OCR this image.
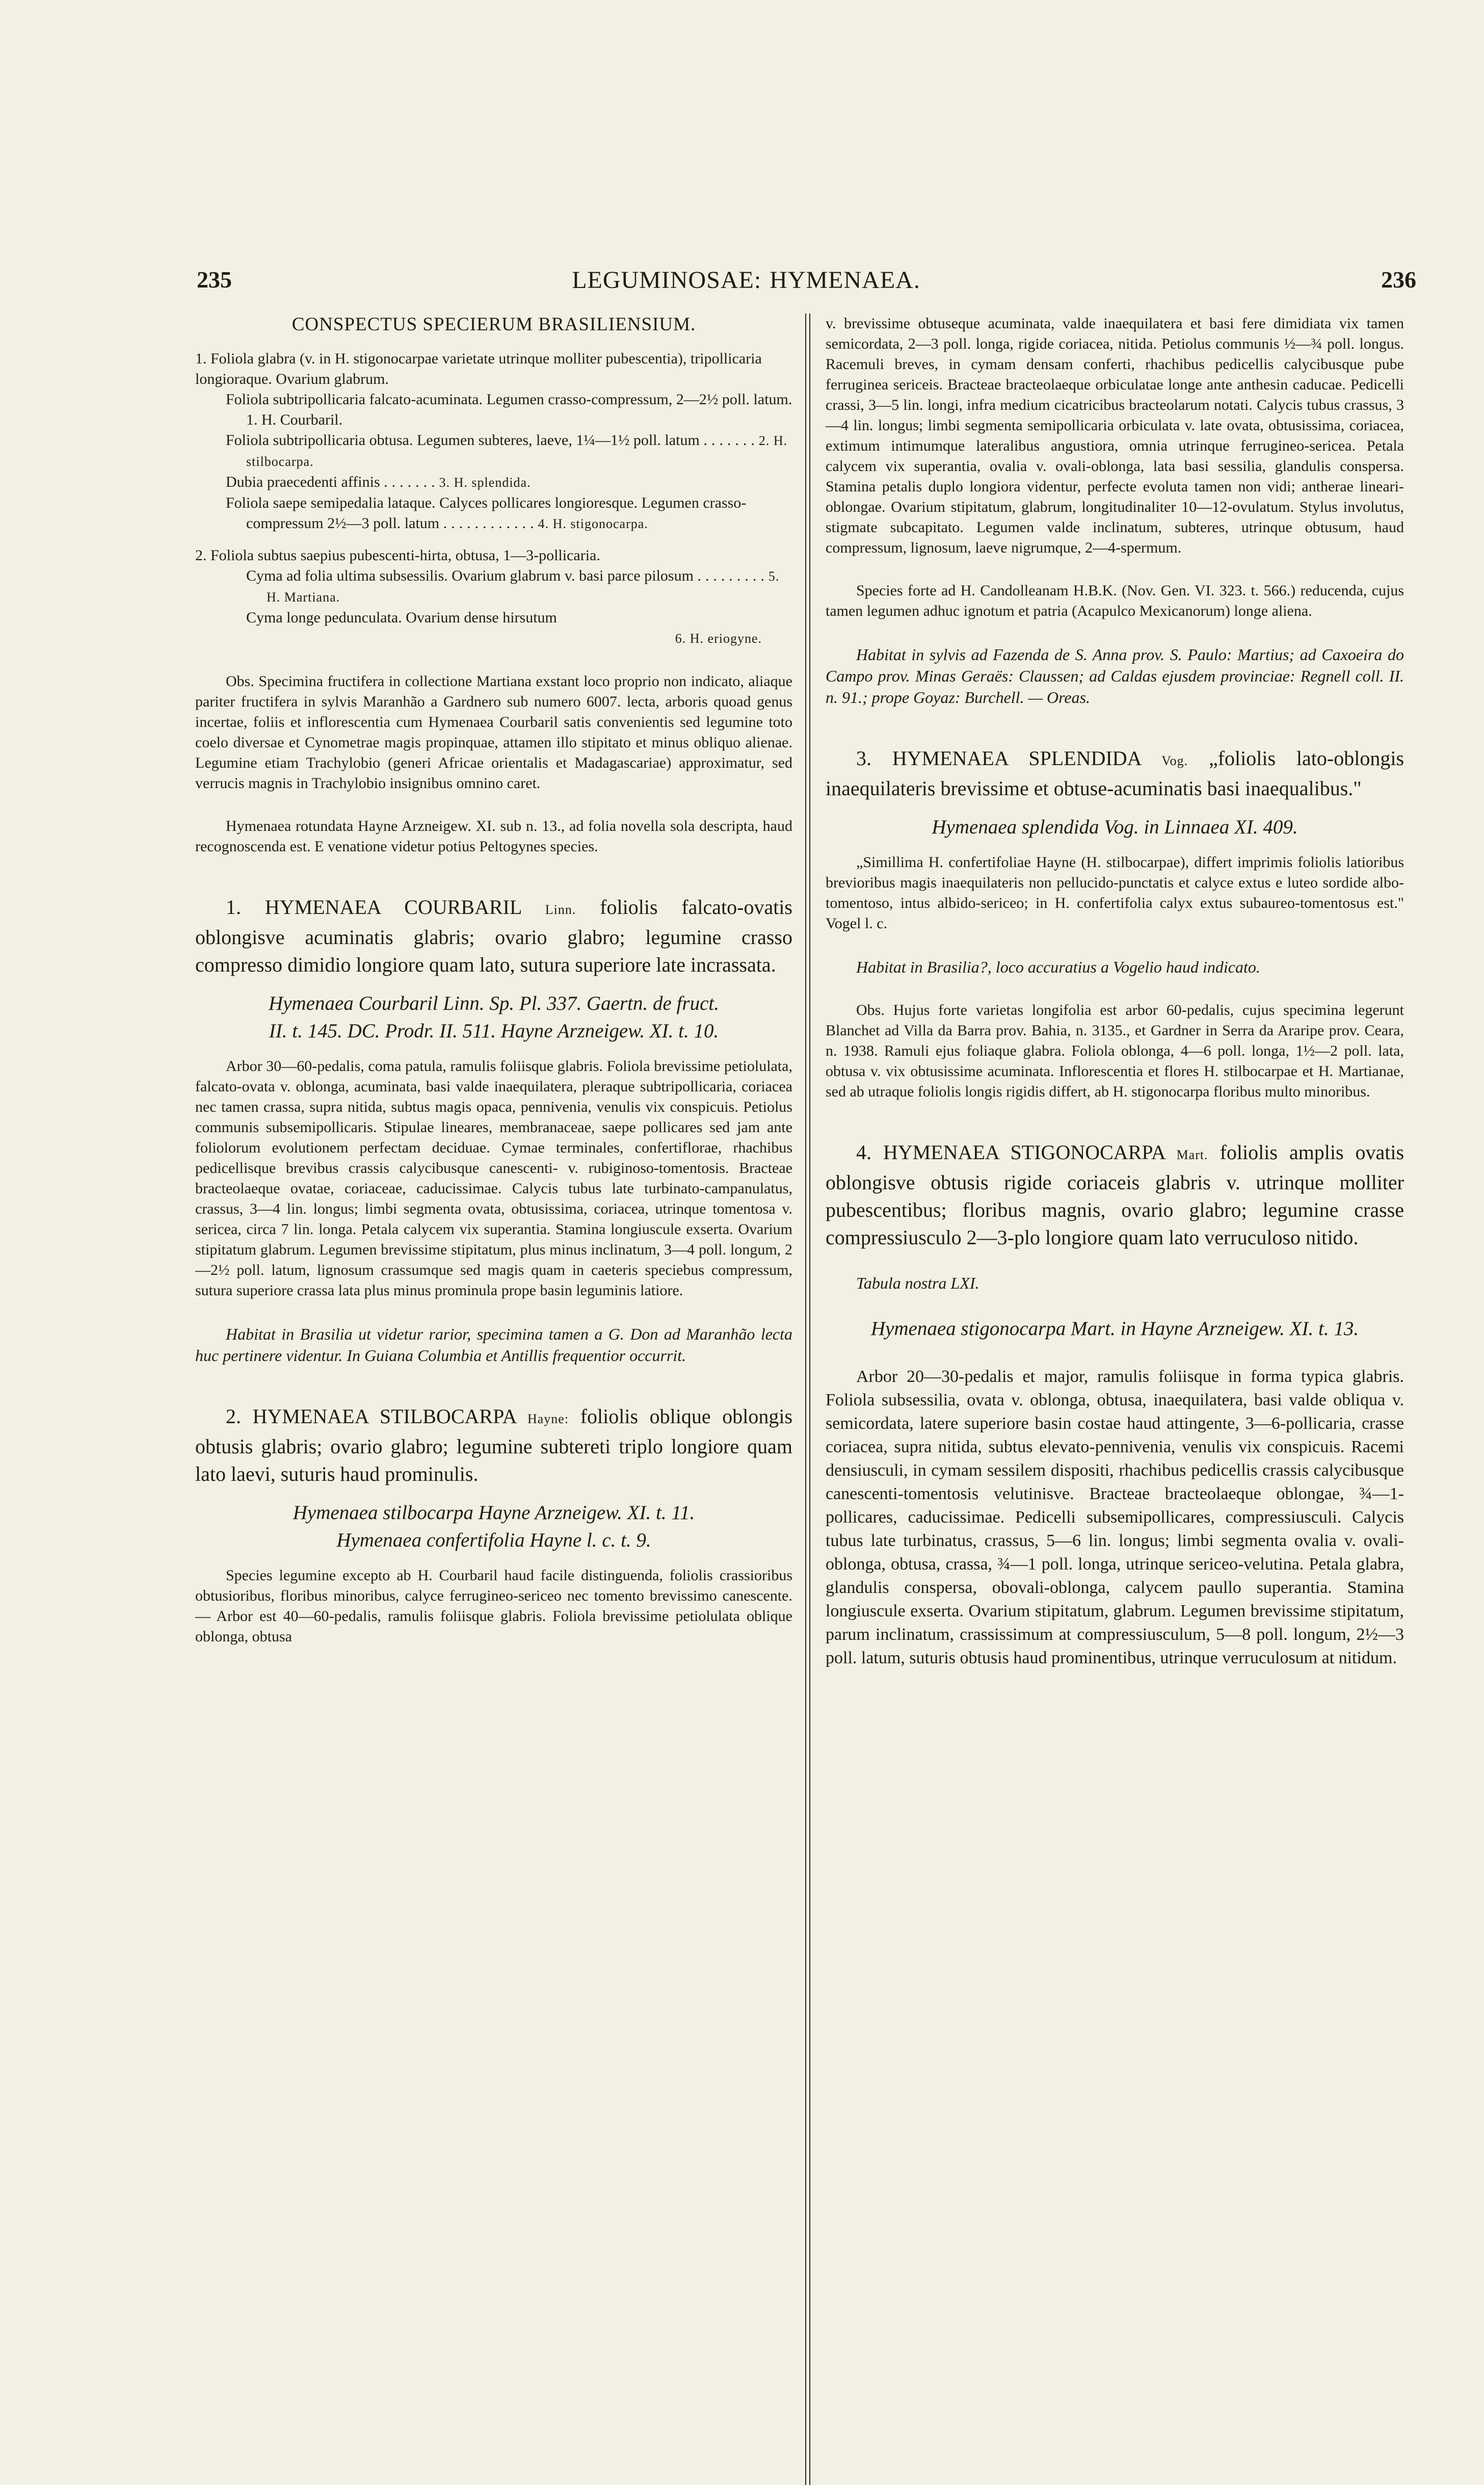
235	LEGUMINOSAE: HYMENAEA.	236
CONSPECTUS SPECIERUM BRASILIENSIUM.

1. Foliola glabra (v. in H. stigonocarpae varietate utrinque molliter pubescentia), tripollicaria longioraque. Ovarium glabrum.

Foliola subtripollicaria falcato-acuminata. Legumen crasso-compressum, 2—2½ poll. latum. 1. H. Courbaril.

Foliola subtripollicaria obtusa. Legumen subteres, laeve, 1¼—1½ poll. latum .......2. H. stilbocarpa.

Dubia praecedenti affinis .......3. H. splendida.

Foliola saepe semipedalia lataque. Calyces pollicares longioresque. Legumen crasso-compressum 2½—3 poll. latum ............4. H. stigonocarpa.

2. Foliola subtus saepius pubescenti-hirta, obtusa, 1—3-pollicaria.

Cyma ad folia ultima subsessilis. Ovarium glabrum v. basi parce pilosum .........5. H. Martiana.

Cyma longe pedunculata. Ovarium dense hirsutum

6. H. eriogyne.

Obs. Specimina fructifera in collectione Martiana exstant loco proprio non indicato, aliaque pariter fructifera in sylvis Maranhão a Gardnero sub numero 6007. lecta, arboris quoad genus incertae, foliis et inflorescentia cum Hymenaea Courbaril satis convenientis sed legumine toto coelo diversae et Cynometrae magis propinquae, attamen illo stipitato et minus obliquo alienae. Legumine etiam Trachylobio (generi Africae orientalis et Madagascariae) approximatur, sed verrucis magnis in Trachylobio insignibus omnino caret.

Hymenaea rotundata Hayne Arzneigew. XI. sub n. 13., ad folia novella sola descripta, haud recognoscenda est. E venatione videtur potius Peltogynes species.

1. HYMENAEA COURBARIL Linn. foliolis falcato-ovatis oblongisve acuminatis glabris; ovario glabro; legumine crasso compresso dimidio longiore quam lato, sutura superiore late incrassata.

Hymenaea Courbaril Linn. Sp. Pl. 337. Gaertn. de fruct.

II. t. 145. DC. Prodr. II. 511. Hayne Arzneigew. XI. t. 10.

Arbor 30—60-pedalis, coma patula, ramulis foliisque glabris. Foliola brevissime petiolulata, falcato-ovata v. oblonga, acuminata, basi valde inaequilatera, pleraque subtripollicaria, coriacea nec tamen crassa, supra nitida, subtus magis opaca, pennivenia, venulis vix conspicuis. Petiolus communis subsemipollicaris. Stipulae lineares, membranaceae, saepe pollicares sed jam ante foliolorum evolutionem perfectam deciduae. Cymae terminales, confertiflorae, rhachibus pedicellisque brevibus crassis calycibusque canescenti- v. rubiginoso-tomentosis. Bracteae bracteolaeque ovatae, coriaceae, caducissimae. Calycis tubus late turbinato-campanulatus, crassus, 3—4 lin. longus; limbi segmenta ovata, obtusissima, coriacea, utrinque tomentosa v. sericea, circa 7 lin. longa. Petala calycem vix superantia. Stamina longiuscule exserta. Ovarium stipitatum glabrum. Legumen brevissime stipitatum, plus minus inclinatum, 3—4 poll. longum, 2—2½ poll. latum, lignosum crassumque sed magis quam in caeteris speciebus compressum, sutura superiore crassa lata plus minus prominula prope basin leguminis latiore.

Habitat in Brasilia ut videtur rarior, specimina tamen a G. Don ad Maranhão lecta huc pertinere videntur. In Guiana Columbia et Antillis frequentior occurrit.

2. HYMENAEA STILBOCARPA Hayne: foliolis oblique oblongis obtusis glabris; ovario glabro; legumine subtereti triplo longiore quam lato laevi, suturis haud prominulis.

Hymenaea stilbocarpa Hayne Arzneigew. XI. t. 11.

Hymenaea confertifolia Hayne l. c. t. 9.

Species legumine excepto ab H. Courbaril haud facile distinguenda, foliolis crassioribus obtusioribus, floribus minoribus, calyce ferrugineo-sericeo nec tomento brevissimo canescente. — Arbor est 40—60-pedalis, ramulis foliisque glabris. Foliola brevissime petiolulata oblique oblonga, obtusa

v. brevissime obtuseque acuminata, valde inaequilatera et basi fere dimidiata vix tamen semicordata, 2—3 poll. longa, rigide coriacea, nitida. Petiolus communis ½—¾ poll. longus. Racemuli breves, in cymam densam conferti, rhachibus pedicellis calycibusque pube ferruginea sericeis. Bracteae bracteolaeque orbiculatae longe ante anthesin caducae. Pedicelli crassi, 3—5 lin. longi, infra medium cicatricibus bracteolarum notati. Calycis tubus crassus, 3—4 lin. longus; limbi segmenta semipollicaria orbiculata v. late ovata, obtusissima, coriacea, extimum intimumque lateralibus angustiora, omnia utrinque ferrugineo-sericea. Petala calycem vix superantia, ovalia v. ovali-oblonga, lata basi sessilia, glandulis conspersa. Stamina petalis duplo longiora videntur, perfecte evoluta tamen non vidi; antherae lineari-oblongae. Ovarium stipitatum, glabrum, longitudinaliter 10—12-ovulatum. Stylus involutus, stigmate subcapitato. Legumen valde inclinatum, subteres, utrinque obtusum, haud compressum, lignosum, laeve nigrumque, 2—4-spermum.

Species forte ad H. Candolleanam H.B.K. (Nov. Gen. VI. 323. t. 566.) reducenda, cujus tamen legumen adhuc ignotum et patria (Acapulco Mexicanorum) longe aliena.

Habitat in sylvis ad Fazenda de S. Anna prov. S. Paulo: Martius; ad Caxoeira do Campo prov. Minas Geraës: Claussen; ad Caldas ejusdem provinciae: Regnell coll. II. n. 91.; prope Goyaz: Burchell. — Oreas.

3. HYMENAEA SPLENDIDA Vog. „foliolis lato-oblongis inaequilateris brevissime et obtuse-acuminatis basi inaequalibus."

Hymenaea splendida Vog. in Linnaea XI. 409.

„Simillima H. confertifoliae Hayne (H. stilbocarpae), differt imprimis foliolis latioribus brevioribus magis inaequilateris non pellucido-punctatis et calyce extus e luteo sordide albo-tomentoso, intus albido-sericeo; in H. confertifolia calyx extus subaureo-tomentosus est." Vogel l. c.

Habitat in Brasilia?, loco accuratius a Vogelio haud indicato.

Obs. Hujus forte varietas longifolia est arbor 60-pedalis, cujus specimina legerunt Blanchet ad Villa da Barra prov. Bahia, n. 3135., et Gardner in Serra da Araripe prov. Ceara, n. 1938. Ramuli ejus foliaque glabra. Foliola oblonga, 4—6 poll. longa, 1½—2 poll. lata, obtusa v. vix obtusissime acuminata. Inflorescentia et flores H. stilbocarpae et H. Martianae, sed ab utraque foliolis longis rigidis differt, ab H. stigonocarpa floribus multo minoribus.

4. HYMENAEA STIGONOCARPA Mart. foliolis amplis ovatis oblongisve obtusis rigide coriaceis glabris v. utrinque molliter pubescentibus; floribus magnis, ovario glabro; legumine crasse compressiusculo 2—3-plo longiore quam lato verruculoso nitido.

Tabula nostra LXI.

Hymenaea stigonocarpa Mart. in Hayne Arzneigew. XI. t. 13.

Arbor 20—30-pedalis et major, ramulis foliisque in forma typica glabris. Foliola subsessilia, ovata v. oblonga, obtusa, inaequilatera, basi valde obliqua v. semicordata, latere superiore basin costae haud attingente, 3—6-pollicaria, crasse coriacea, supra nitida, subtus elevato-pennivenia, venulis vix conspicuis. Racemi densiusculi, in cymam sessilem dispositi, rhachibus pedicellis crassis calycibusque canescenti-tomentosis velutinisve. Bracteae bracteolaeque oblongae, ¾—1-pollicares, caducissimae. Pedicelli subsemipollicares, compressiusculi. Calycis tubus late turbinatus, crassus, 5—6 lin. longus; limbi segmenta ovalia v. ovali-oblonga, obtusa, crassa, ¾—1 poll. longa, utrinque sericeo-velutina. Petala glabra, glandulis conspersa, obovali-oblonga, calycem paullo superantia. Stamina longiuscule exserta. Ovarium stipitatum, glabrum. Legumen brevissime stipitatum, parum inclinatum, crassissimum at compressiusculum, 5—8 poll. longum, 2½—3 poll. latum, suturis obtusis haud prominentibus, utrinque verruculosum at nitidum.
